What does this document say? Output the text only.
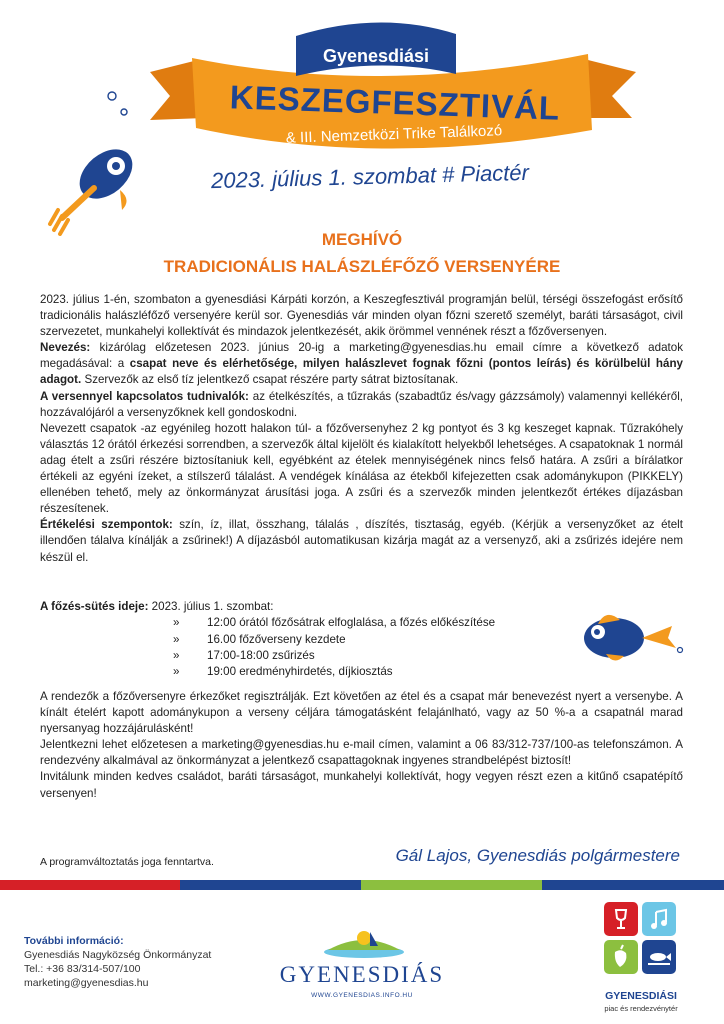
Gyenesdiási
KESZEGFESZTIVÁL
& III. Nemzetközi Trike Találkozó
2023. július 1. szombat # Piactér
MEGHÍVÓ
TRADICIONÁLIS HALÁSZLÉFŐZŐ VERSENYÉRE

2023. július 1-én, szombaton a gyenesdiási Kárpáti korzón, a Keszegfesztivál programján belül, térségi összefogást erősítő tradicionális halászléfőző versenyére kerül sor. Gyenesdiás vár minden olyan főzni szerető személyt, baráti társaságot, civil szervezetet, munkahelyi kollektívát és mindazok jelentkezését, akik örömmel vennének részt a főzőversenyen.

Nevezés: kizárólag előzetesen 2023. június 20-ig a marketing@gyenesdias.hu email címre a következő adatok megadásával: a csapat neve és elérhetősége, milyen halászlevet fognak főzni (pontos leírás) és körülbelül hány adagot. Szervezők az első tíz jelentkező csapat részére party sátrat biztosítanak.

A versennyel kapcsolatos tudnivalók: az ételkészítés, a tűzrakás (szabadtűz és/vagy gázzsámoly) valamennyi kellékéről, hozzávalójáról a versenyzőknek kell gondoskodni.

Nevezett csapatok -az egyénileg hozott halakon túl- a főzőversenyhez 2 kg pontyot és 3 kg keszeget kapnak. Tűzrakóhely választás 12 órától érkezési sorrendben, a szervezők által kijelölt és kialakított helyekből lehetséges. A csapatoknak 1 normál adag ételt a zsűri részére biztosítaniuk kell, egyébként az ételek mennyiségének nincs felső határa. A zsűri a bírálatkor értékeli az egyéni ízeket, a stílszerű tálalást. A vendégek kínálása az étekből kifejezetten csak adománykupon (PIKKELY) ellenében tehető, mely az önkormányzat árusítási joga. A zsűri és a szervezők minden jelentkezőt értékes díjazásban részesítenek.

Értékelési szempontok: szín, íz, illat, összhang, tálalás , díszítés, tisztaság, egyéb. (Kérjük a versenyzőket az ételt illendően tálalva kínálják a zsűrinek!) A díjazásból automatikusan kizárja magát az a versenyző, aki a zsűrizés idejére nem készül el.

A főzés-sütés ideje: 2023. július 1. szombat:
»	12:00 órától főzősátrak elfoglalása, a főzés előkészítése
»	16.00 főzőverseny kezdete
»	17:00-18:00 zsűrizés
»	19:00 eredményhirdetés, díjkiosztás

A rendezők a főzőversenyre érkezőket regisztrálják. Ezt követően az étel és a csapat már benevezést nyert a versenybe. A kínált ételért kapott adománykupon a verseny céljára támogatásként felajánlható, vagy az 50 %-a a csapatnál marad nyersanyag hozzájárulásként!

Jelentkezni lehet előzetesen a marketing@gyenesdias.hu e-mail címen, valamint a 06 83/312-737/100-as telefonszámon. A rendezvény alkalmával az önkormányzat a jelentkező csapattagoknak ingyenes strandbelépést biztosít!

Invitálunk minden kedves családot, baráti társaságot, munkahelyi kollektívát, hogy vegyen részt ezen a kitűnő csapatépítő versenyen!

A programváltoztatás joga fenntartva.	Gál Lajos, Gyenesdiás polgármestere
További információ:
Gyenesdiás Nagyközség Önkormányzat
Tel.: +36 83/314-507/100
marketing@gyenesdias.hu	GYENESDIÁS
WWW.GYENESDIAS.INFO.HU	GYENESDIÁSI
piac és rendezvénytér
